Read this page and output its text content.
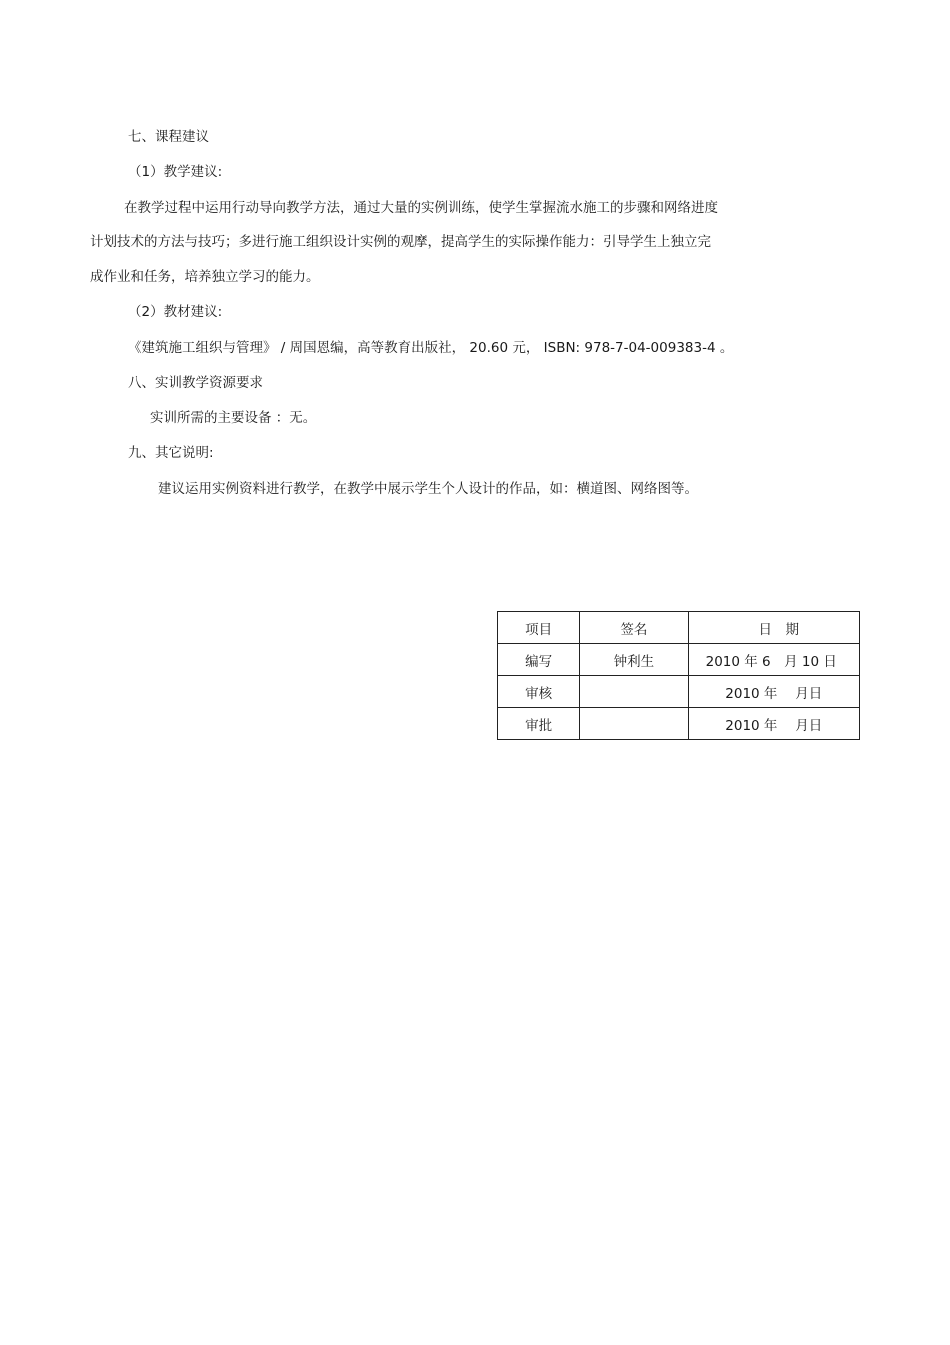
七、课程建议
（1）教学建议:
在教学过程中运用行动导向教学方法，通过大量的实例训练，使学生掌握流水施工的步骤和网络进度
计划技术的方法与技巧；多进行施工组织设计实例的观摩，提高学生的实际操作能力：引导学生上独立完
成作业和任务，培养独立学习的能力。
（2）教材建议:
《建筑施工组织与管理》 / 周国恩编，高等教育出版社， 20.60 元， ISBN: 978-7-04-009383-4 。
八、实训教学资源要求
实训所需的主要设备 ：无。
九、其它说明:
建议运用实例资料进行教学，在教学中展示学生个人设计的作品，如：横道图、网络图等。
项目	签名	日　期
编写	钟利生	2010 年 6　月 10 日
审核		2010 年　 月日
审批		2010 年　 月日
